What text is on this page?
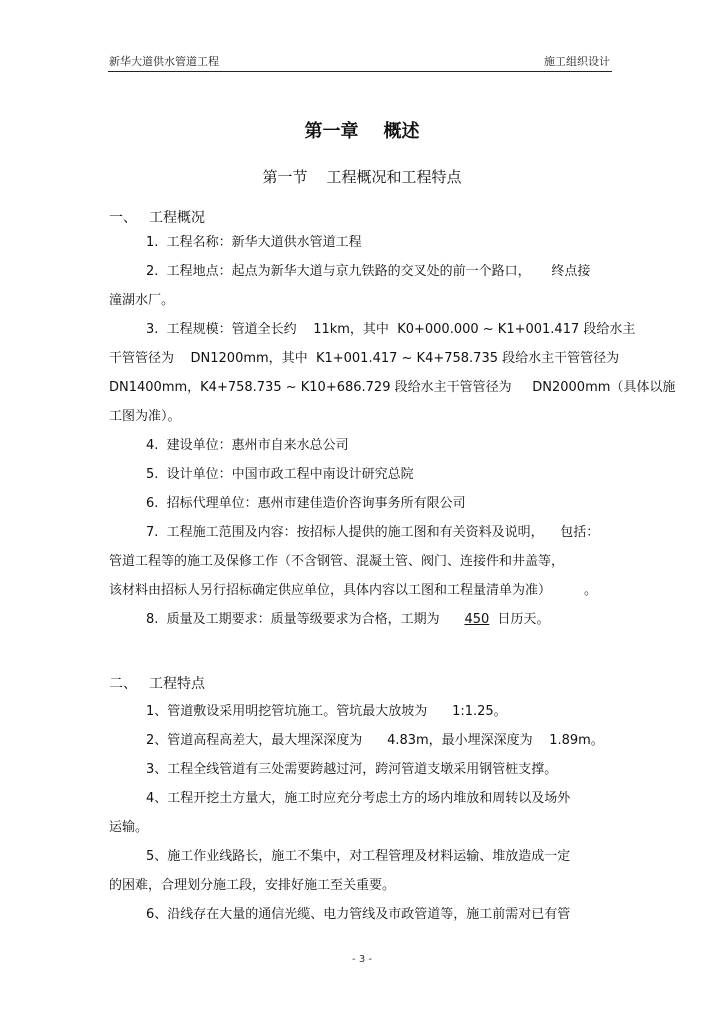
新华大道供水管道工程	施工组织设计
第一章    概述
第一节    工程概况和工程特点
一、 工程概况
1.  工程名称：新华大道供水管道工程
2.  工程地点：起点为新华大道与京九铁路的交叉处的前一个路口，     终点接
潼湖水厂。
3.  工程规模：管道全长约    11km，其中  K0+000.000 ~ K1+001.417 段给水主
干管管径为    DN1200mm，其中  K1+001.417 ~ K4+758.735 段给水主干管管径为
DN1400mm，K4+758.735 ~ K10+686.729 段给水主干管管径为     DN2000mm（具体以施
工图为准）。
4.  建设单位：惠州市自来水总公司
5.  设计单位：中国市政工程中南设计研究总院
6.  招标代理单位：惠州市建佳造价咨询事务所有限公司
7.  工程施工范围及内容：按招标人提供的施工图和有关资料及说明，    包括：
管道工程等的施工及保修工作（不含钢管、混凝土管、阀门、连接件和井盖等，
该材料由招标人另行招标确定供应单位，具体内容以工图和工程量清单为准）        。
8.  质量及工期要求：质量等级要求为合格，工期为      450  日历天。
二、 工程特点
1、管道敷设采用明挖管坑施工。管坑最大放坡为      1:1.25。
2、管道高程高差大，最大埋深深度为      4.83m，最小埋深深度为    1.89m。
3、工程全线管道有三处需要跨越过河，跨河管道支墩采用钢管桩支撑。
4、工程开挖土方量大，施工时应充分考虑土方的场内堆放和周转以及场外
运输。
5、施工作业线路长，施工不集中，对工程管理及材料运输、堆放造成一定
的困难，合理划分施工段，安排好施工至关重要。
6、沿线存在大量的通信光缆、电力管线及市政管道等，施工前需对已有管
- 3 -
